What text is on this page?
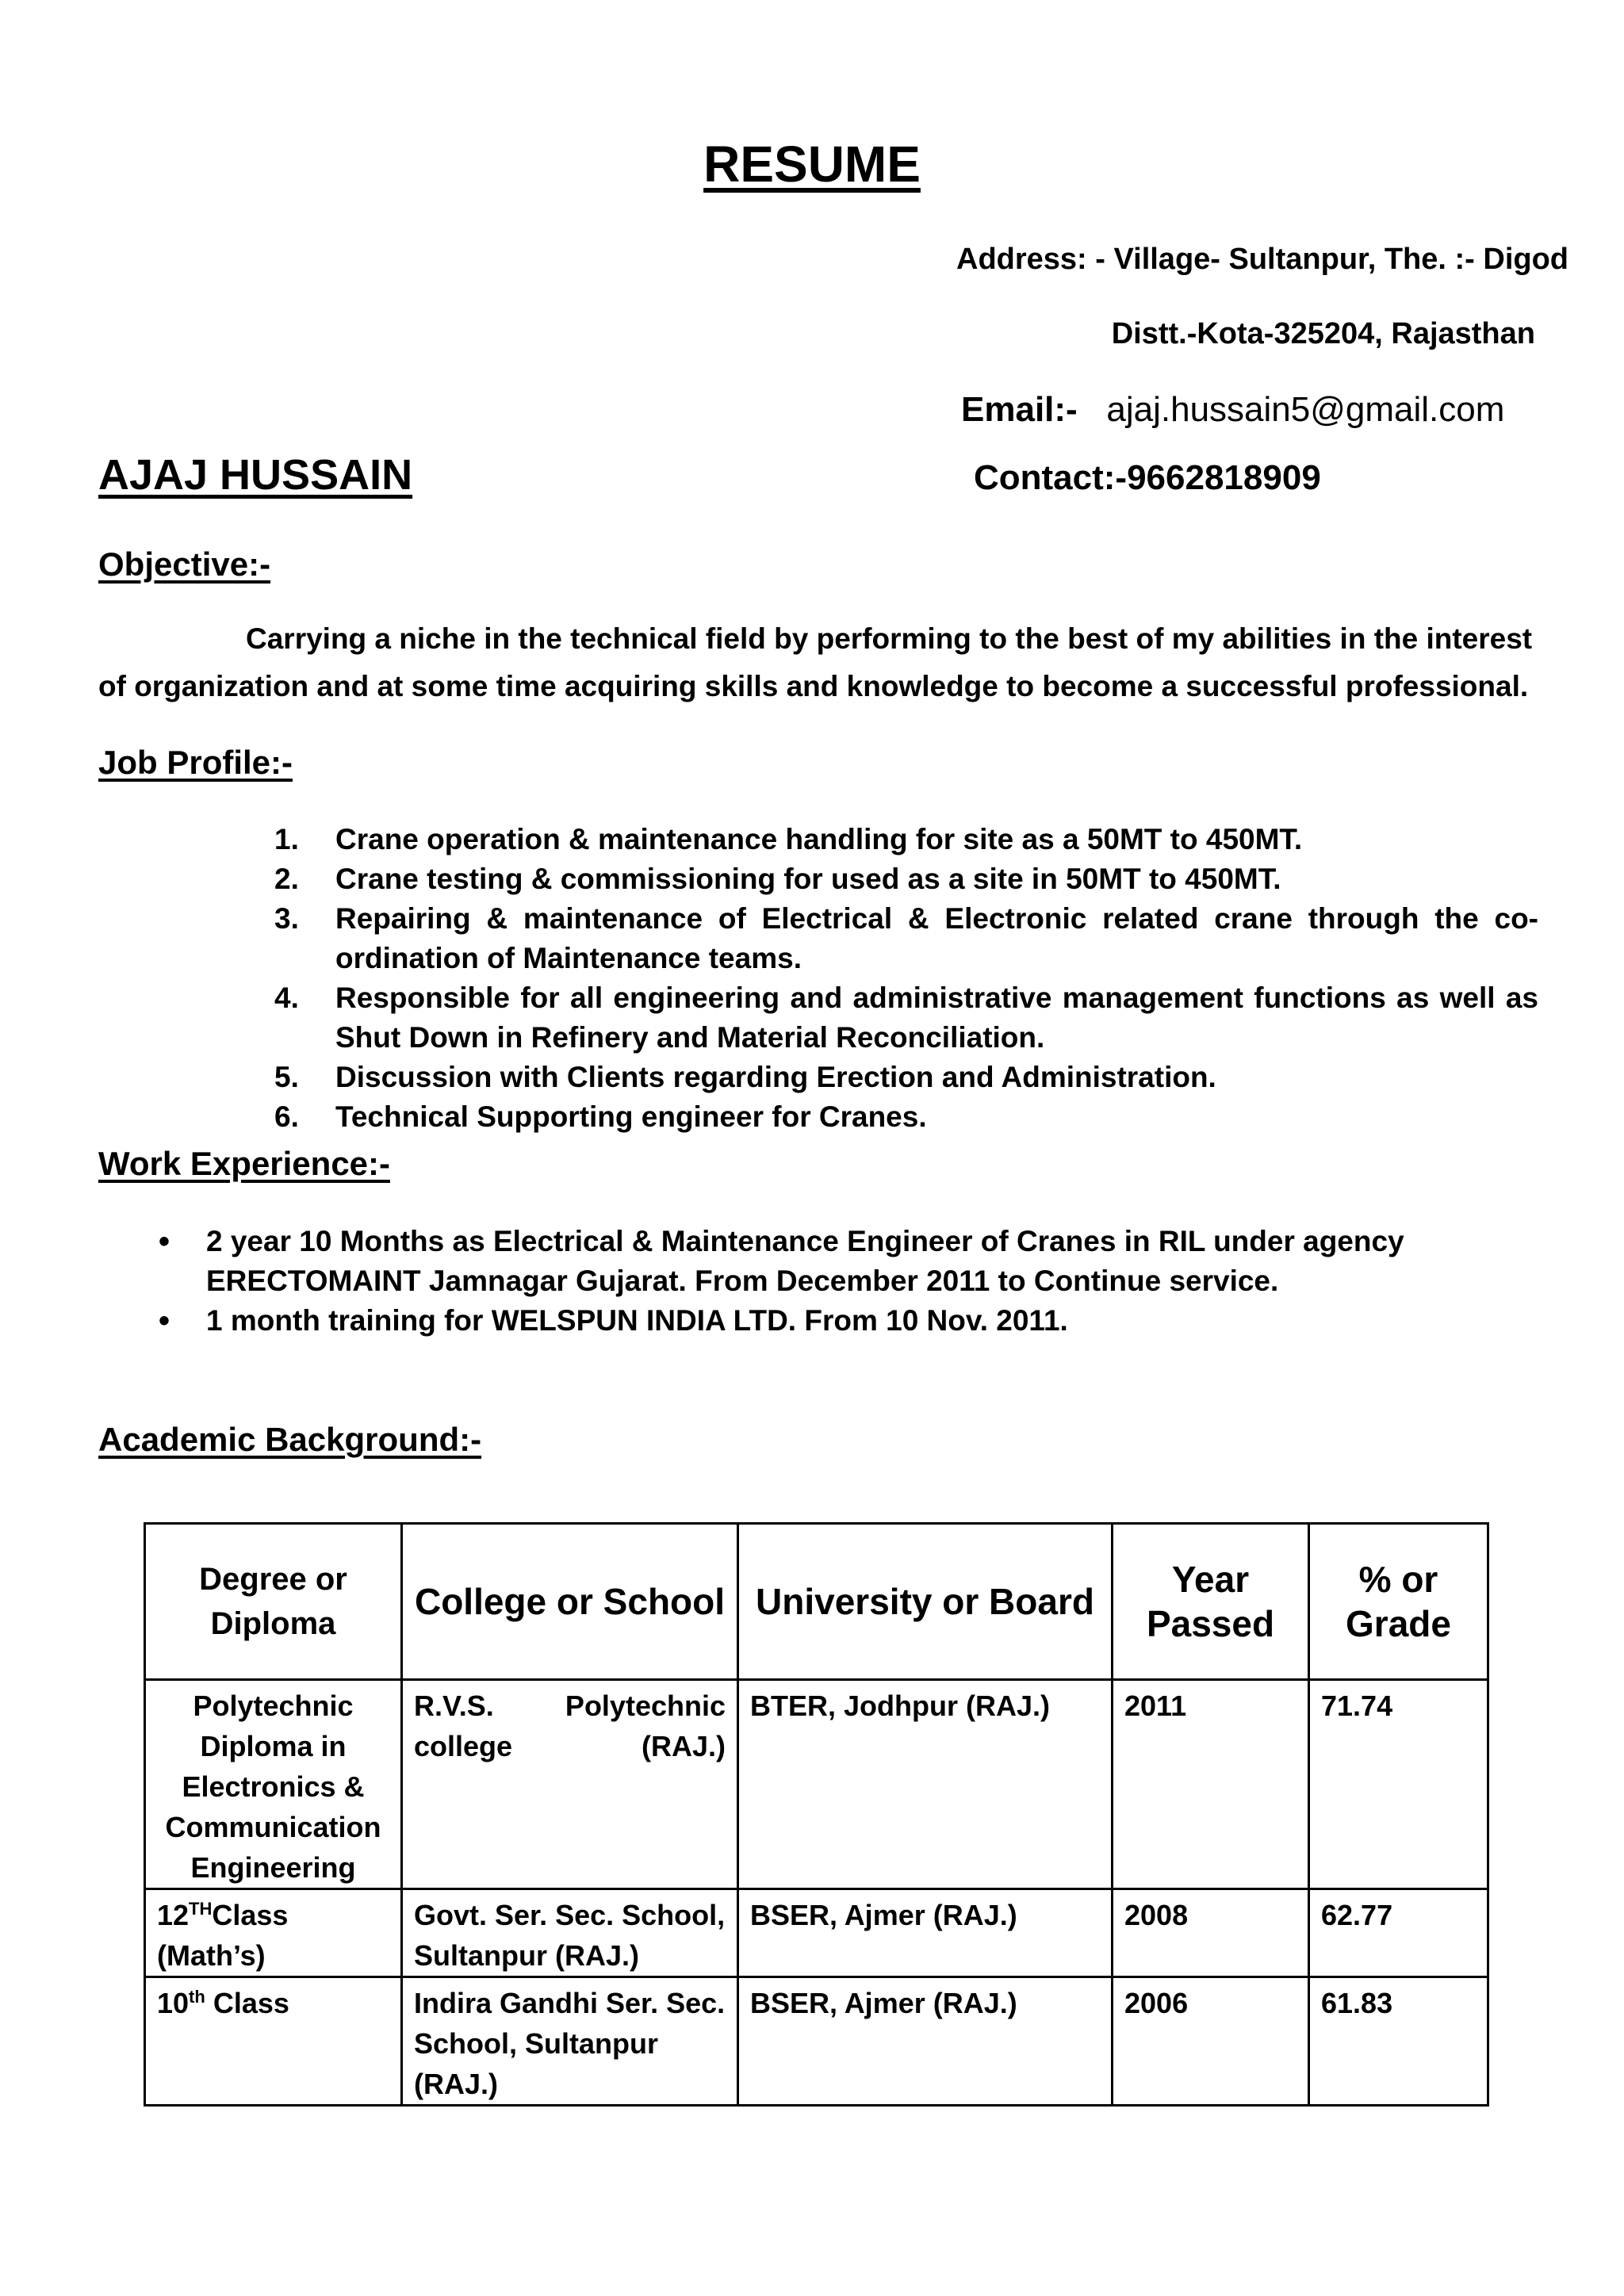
RESUME
Address: - Village- Sultanpur, The. :- Digod
Distt.-Kota-325204, Rajasthan
Email:- ajaj.hussain5@gmail.com
Contact:-9662818909
AJAJ HUSSAIN
Objective:-
Carrying a niche in the technical field by performing to the best of my abilities in the interest
of organization and at some time acquiring skills and knowledge to become a successful professional.
Job Profile:-
1. Crane operation & maintenance handling for site as a 50MT to 450MT.
2. Crane testing & commissioning for used as a site in 50MT to 450MT.
3. Repairing & maintenance of Electrical & Electronic related crane through the co-ordination of Maintenance teams.
4. Responsible for all engineering and administrative management functions as well as Shut Down in Refinery and Material Reconciliation.
5. Discussion with Clients regarding Erection and Administration.
6. Technical Supporting engineer for Cranes.
Work Experience:-
• 2 year 10 Months as Electrical & Maintenance Engineer of Cranes in RIL under agency
ERECTOMAINT Jamnagar Gujarat. From December 2011 to Continue service.
• 1 month training for WELSPUN INDIA LTD. From 10 Nov. 2011.
Academic Background:-
Degree or Diploma	College or School	University or Board	Year Passed	% or Grade
Polytechnic Diploma in Electronics & Communication Engineering	R.V.S. Polytechnic college (RAJ.)	BTER, Jodhpur (RAJ.)	2011	71.74
12THClass
(Math’s)	Govt. Ser. Sec. School, Sultanpur (RAJ.)	BSER, Ajmer (RAJ.)	2008	62.77
10th Class	Indira Gandhi Ser. Sec. School, Sultanpur (RAJ.)	BSER, Ajmer (RAJ.)	2006	61.83
